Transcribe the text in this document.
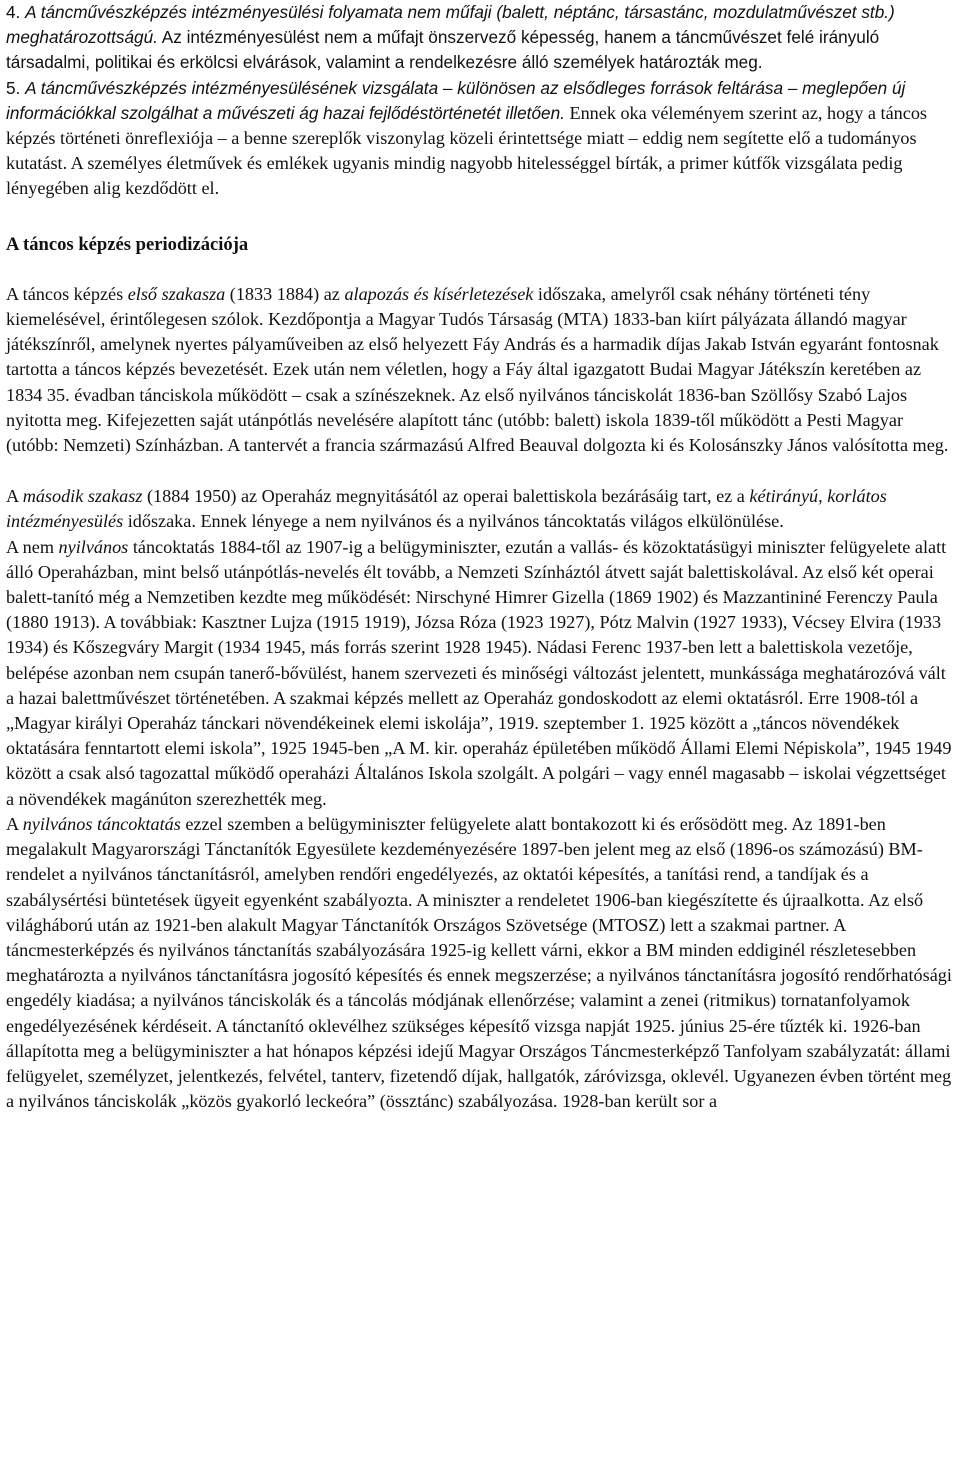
4. A táncművészképzés intézményesülési folyamata nem műfaji (balett, néptánc, társastánc, mozdulatművészet stb.) meghatározottságú. Az intézményesülést nem a műfajt önszervező képesség, hanem a táncművészet felé irányuló társadalmi, politikai és erkölcsi elvárások, valamint a rendelkezésre álló személyek határozták meg.

5. A táncművészképzés intézményesülésének vizsgálata – különösen az elsődleges források feltárása – meglepően új információkkal szolgálhat a művészeti ág hazai fejlődéstörténetét illetően. Ennek oka véleményem szerint az, hogy a táncos képzés történeti önreflexiója – a benne szereplők viszonylag közeli érintettsége miatt – eddig nem segítette elő a tudományos kutatást. A személyes életművek és emlékek ugyanis mindig nagyobb hitelességgel bírták, a primer kútfők vizsgálata pedig lényegében alig kezdődött el.

A táncos képzés periodizációja

A táncos képzés első szakasza (1833 1884) az alapozás és kísérletezések időszaka, amelyről csak néhány történeti tény kiemelésével, érintőlegesen szólok. Kezdőpontja a Magyar Tudós Társaság (MTA) 1833-ban kiírt pályázata állandó magyar játékszínről, amelynek nyertes pályaműveiben az első helyezett Fáy András és a harmadik díjas Jakab István egyaránt fontosnak tartotta a táncos képzés bevezetését. Ezek után nem véletlen, hogy a Fáy által igazgatott Budai Magyar Játékszín keretében az 1834 35. évadban tánciskola működött – csak a színészeknek. Az első nyilvános tánciskolát 1836-ban Szöllősy Szabó Lajos nyitotta meg. Kifejezetten saját utánpótlás nevelésére alapított tánc (utóbb: balett) iskola 1839-től működött a Pesti Magyar (utóbb: Nemzeti) Színházban. A tantervét a francia származású Alfred Beauval dolgozta ki és Kolosánszky János valósította meg.

A második szakasz (1884 1950) az Operaház megnyitásától az operai balettiskola bezárásáig tart, ez a kétirányú, korlátos intézményesülés időszaka. Ennek lényege a nem nyilvános és a nyilvános táncoktatás világos elkülönülése.

A nem nyilvános táncoktatás 1884-től az 1907-ig a belügyminiszter, ezután a vallás- és közoktatásügyi miniszter felügyelete alatt álló Operaházban, mint belső utánpótlás-nevelés élt tovább, a Nemzeti Színháztól átvett saját balettiskolával. Az első két operai balett-tanító még a Nemzetiben kezdte meg működését: Nirschyné Himrer Gizella (1869 1902) és Mazzantininé Ferenczy Paula (1880 1913). A továbbiak: Kasztner Lujza (1915 1919), Józsa Róza (1923 1927), Pótz Malvin (1927 1933), Vécsey Elvira (1933 1934) és Kőszegváry Margit (1934 1945, más forrás szerint 1928 1945). Nádasi Ferenc 1937-ben lett a balettiskola vezetője, belépése azonban nem csupán tanerő-bővülést, hanem szervezeti és minőségi változást jelentett, munkássága meghatározóvá vált a hazai balettművészet történetében. A szakmai képzés mellett az Operaház gondoskodott az elemi oktatásról. Erre 1908-tól a „Magyar királyi Operaház tánckari növendékeinek elemi iskolája”, 1919. szeptember 1. 1925 között a „táncos növendékek oktatására fenntartott elemi iskola”, 1925 1945-ben „A M. kir. operaház épületében működő Állami Elemi Népiskola”, 1945 1949 között a csak alsó tagozattal működő operaházi Általános Iskola szolgált. A polgári – vagy ennél magasabb – iskolai végzettséget a növendékek magánúton szerezhették meg.

A nyilvános táncoktatás ezzel szemben a belügyminiszter felügyelete alatt bontakozott ki és erősödött meg. Az 1891-ben megalakult Magyarországi Tánctanítók Egyesülete kezdeményezésére 1897-ben jelent meg az első (1896-os számozású) BM-rendelet a nyilvános tánctanításról, amelyben rendőri engedélyezés, az oktatói képesítés, a tanítási rend, a tandíjak és a szabálysértési büntetések ügyeit egyenként szabályozta. A miniszter a rendeletet 1906-ban kiegészítette és újraalkotta. Az első világháború után az 1921-ben alakult Magyar Tánctanítók Országos Szövetsége (MTOSZ) lett a szakmai partner. A táncmesterképzés és nyilvános tánctanítás szabályozására 1925-ig kellett várni, ekkor a BM minden eddiginél részletesebben meghatározta a nyilvános tánctanításra jogosító képesítés és ennek megszerzése; a nyilvános tánctanításra jogosító rendőrhatósági engedély kiadása; a nyilvános tánciskolák és a táncolás módjának ellenőrzése; valamint a zenei (ritmikus) tornatanfolyamok engedélyezésének kérdéseit. A tánctanító oklevélhez szükséges képesítő vizsga napját 1925. június 25-ére tűzték ki. 1926-ban állapította meg a belügyminiszter a hat hónapos képzési idejű Magyar Országos Táncmesterképző Tanfolyam szabályzatát: állami felügyelet, személyzet, jelentkezés, felvétel, tanterv, fizetendő díjak, hallgatók, záróvizsga, oklevél. Ugyanezen évben történt meg a nyilvános tánciskolák „közös gyakorló leckeóra” (össztánc) szabályozása. 1928-ban került sor a
